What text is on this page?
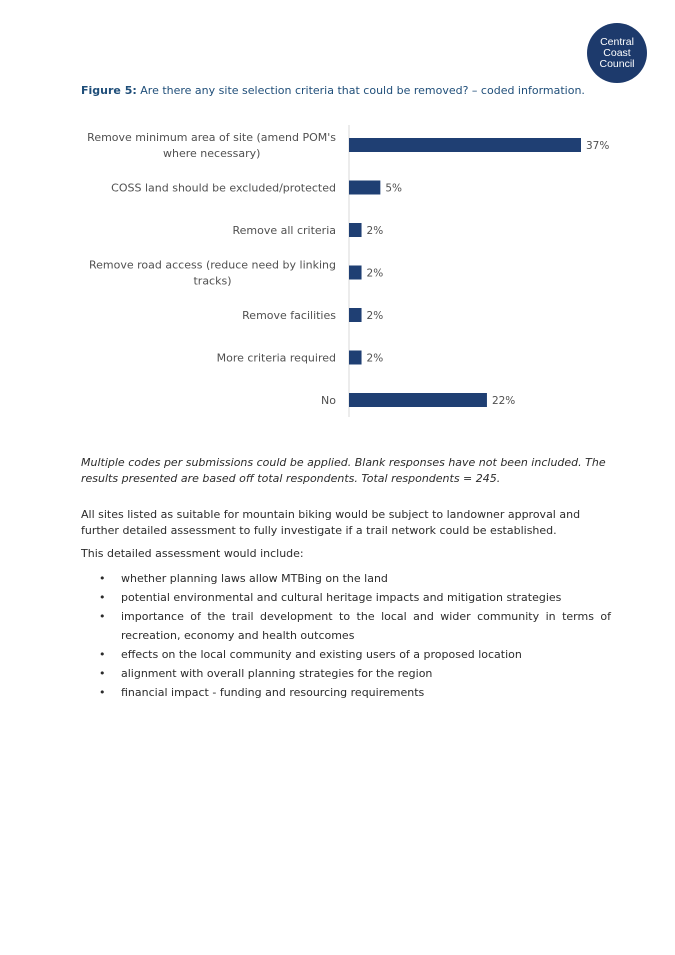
Central
Coast
Council
Figure 5: Are there any site selection criteria that could be removed? – coded information.
37%
Remove minimum area of site (amend POM's
where necessary)
5%
COSS land should be excluded/protected
2%
Remove all criteria
2%
Remove road access (reduce need by linking
tracks)
2%
Remove facilities
2%
More criteria required
22%
No
Multiple codes per submissions could be applied. Blank responses have not been included. The results presented are based off total respondents. Total respondents = 245.
All sites listed as suitable for mountain biking would be subject to landowner approval and further detailed assessment to fully investigate if a trail network could be established.
This detailed assessment would include:
• whether planning laws allow MTBing on the land
• potential environmental and cultural heritage impacts and mitigation strategies
• importance of the trail development to the local and wider community in terms of recreation, economy and health outcomes
• effects on the local community and existing users of a proposed location
• alignment with overall planning strategies for the region
• financial impact - funding and resourcing requirements
